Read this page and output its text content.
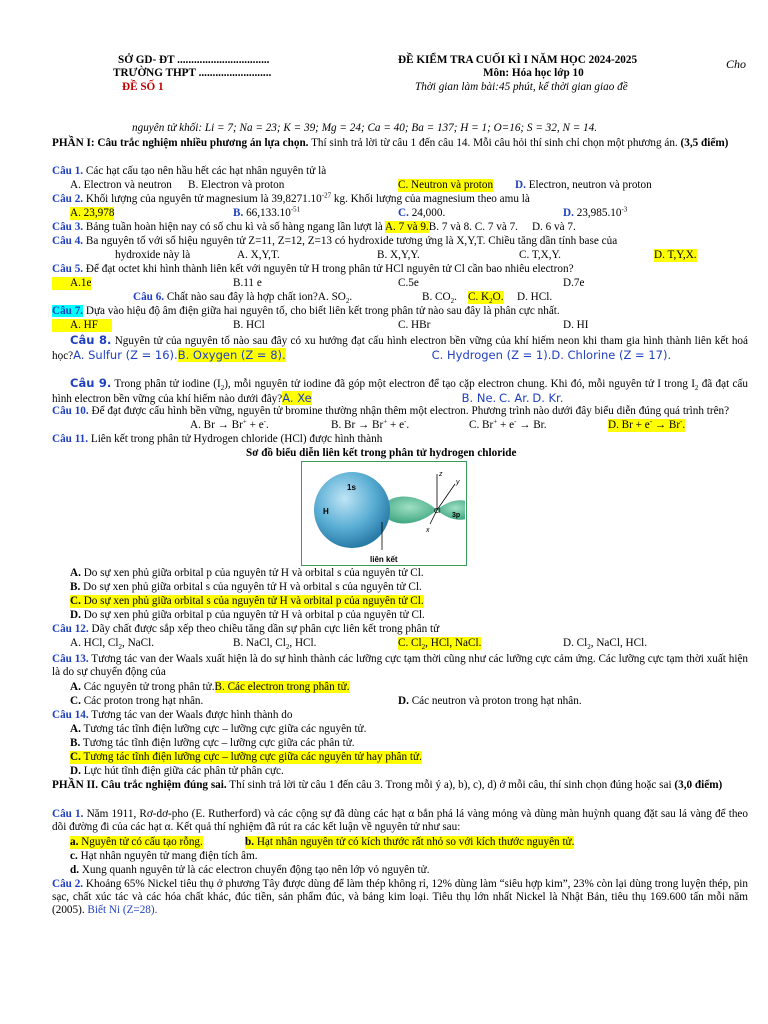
SỞ GD- ĐT .................................
TRƯỜNG THPT ..........................
ĐỀ SỐ 1
ĐỀ KIỂM TRA CUỐI KÌ I NĂM HỌC 2024-2025
Môn: Hóa học lớp 10
Thời gian làm bài:45 phút, kể thời gian giao đề
Cho
nguyên tử khối: Li = 7; Na = 23; K = 39; Mg = 24; Ca = 40; Ba = 137; H = 1; O=16; S = 32, N = 14.
PHẦN I: Câu trắc nghiệm nhiều phương án lựa chọn. Thí sinh trả lời từ câu 1 đến câu 14. Mỗi câu hỏi thí sinh chỉ chọn một phương án. (3,5 điểm)
Câu 1. Các hạt cấu tạo nên hầu hết các hạt nhân nguyên tử là
A. Electron và neutron B. Electron và proton	C. Neutron và proton D. Electron, neutron và proton
Câu 2. Khối lượng của nguyên tử magnesium là $39,8271.10^{-27}$ kg. Khối lượng của magnesium theo amu là
A. 23,978	B. $66,133.10^{-51}$	C. 24,000.	D. $23,985.10^{-3}$
Câu 3. Bảng tuần hoàn hiện nay có số chu kì và số hàng ngang lần lượt là A. 7 và 9.B. 7 và 8. C. 7 và 7. D. 6 và 7.
Câu 4. Ba nguyên tố với số hiệu nguyên tử Z=11, Z=12, Z=13 có hydroxide tương ứng là X,Y,T. Chiều tăng dần tính base của
hydroxide này là	A. X,Y,T.	B. X,Y,Y.	C. T,X,Y.	D. T,Y,X.
Câu 5. Để đạt octet khi hình thành liên kết với nguyên tử H trong phân tử HCl nguyên tử Cl cần bao nhiêu electron?
A.1e	B.11 e	C.5e	D.7e
Câu 6. Chất nào sau đây là hợp chất ion?A. $SO_2$.	B. $CO_2$. C. $K_2O$. D. HCl.
Câu 7. Dựa vào hiệu độ âm điện giữa hai nguyên tố, cho biết liên kết trong phân tử nào sau đây là phân cực nhất.
A. HF	B. HCl	C. HBr	D. HI
Câu 8. Nguyên tử của nguyên tố nào sau đây có xu hướng đạt cấu hình electron bền vững của khí hiếm neon khi tham gia hình thành liên kết hoá học?A. Sulfur (Z = 16).B. Oxygen (Z = 8).	C. Hydrogen (Z = 1).D. Chlorine (Z = 17).
Câu 9. Trong phân tử iodine $(I_2)$, mỗi nguyên tử iodine đã góp một electron để tạo cặp electron chung. Khi đó, mỗi nguyên tử I trong $I_2$ đã đạt cấu hình electron bền vững của khí hiếm nào dưới đây?A. Xe	B. Ne. C. Ar. D. Kr.
Câu 10. Để đạt được cấu hình bền vững, nguyên tử bromine thường nhận thêm một electron. Phương trình nào dưới đây biểu diễn đúng quá trình trên?
A. Br → Br+ + e-.	B. Br → Br+ + e-.	C. Br+ + e- → Br.	D. Br + e- → Br-.
Câu 11. Liên kết trong phân tử Hydrogen chloride (HCl) được hình thành
Sơ đồ biểu diễn liên kết trong phân tử hydrogen chloride
1s
H	Cl
3p
x
y
z
liên kết
A. Do sự xen phủ giữa orbital p của nguyên tử H và orbital s của nguyên tử Cl.
B. Do sự xen phủ giữa orbital s của nguyên tử H và orbital s của nguyên tử Cl.
C. Do sự xen phủ giữa orbital s của nguyên tử H và orbital p của nguyên tử Cl.
D. Do sự xen phủ giữa orbital p của nguyên tử H và orbital p của nguyên tử Cl.
Câu 12. Dãy chất được sắp xếp theo chiều tăng dần sự phân cực liên kết trong phân tử
A. HCl, $Cl_2$, NaCl.	B. NaCl, $Cl_2$, HCl.	C. $Cl_2$, HCl, NaCl.	D. $Cl_2$, NaCl, HCl.
Câu 13. Tương tác van der Waals xuất hiện là do sự hình thành các lưỡng cực tạm thời cũng như các lưỡng cực cảm ứng. Các lưỡng cực tạm thời xuất hiện là do sự chuyển động của
A. Các nguyên tử trong phân tử.B. Các electron trong phân tử.
C. Các proton trong hạt nhân.	D. Các neutron và proton trong hạt nhân.
Câu 14. Tương tác van der Waals được hình thành do
A. Tương tác tĩnh điện lưỡng cực – lưỡng cực giữa các nguyên tử.
B. Tương tác tĩnh điện lưỡng cực – lưỡng cực giữa các phân tử.
C. Tương tác tĩnh điện lưỡng cực – lưỡng cực giữa các nguyên tử hay phân tử.
D. Lực hút tĩnh điện giữa các phân tử phân cực.
PHẦN II. Câu trắc nghiệm đúng sai. Thí sinh trả lời từ câu 1 đến câu 3. Trong mỗi ý a), b), c), d) ở mỗi câu, thí sinh chọn đúng hoặc sai (3,0 điểm)
Câu 1. Năm 1911, Rơ-dơ-pho (E. Rutherford) và các cộng sự đã dùng các hạt α bắn phá lá vàng mỏng và dùng màn huỳnh quang đặt sau lá vàng để theo dõi đường đi của các hạt α. Kết quả thí nghiệm đã rút ra các kết luận về nguyên tử như sau:
a. Nguyên tử có cấu tạo rỗng.	b. Hạt nhân nguyên tử có kích thước rất nhỏ so với kích thước nguyên tử.
c. Hạt nhân nguyên tử mang điện tích âm.
d. Xung quanh nguyên tử là các electron chuyển động tạo nên lớp vỏ nguyên tử.
Câu 2. Khoảng 65% Nickel tiêu thụ ở phương Tây được dùng để làm thép không rỉ, 12% dùng làm “siêu hợp kim”, 23% còn lại dùng trong luyện thép, pin sạc, chất xúc tác và các hóa chất khác, đúc tiền, sản phẩm đúc, và bảng kim loại. Tiêu thụ lớn nhất Nickel là Nhật Bản, tiêu thụ 169.600 tấn mỗi năm (2005). Biết Ni (Z=28).
